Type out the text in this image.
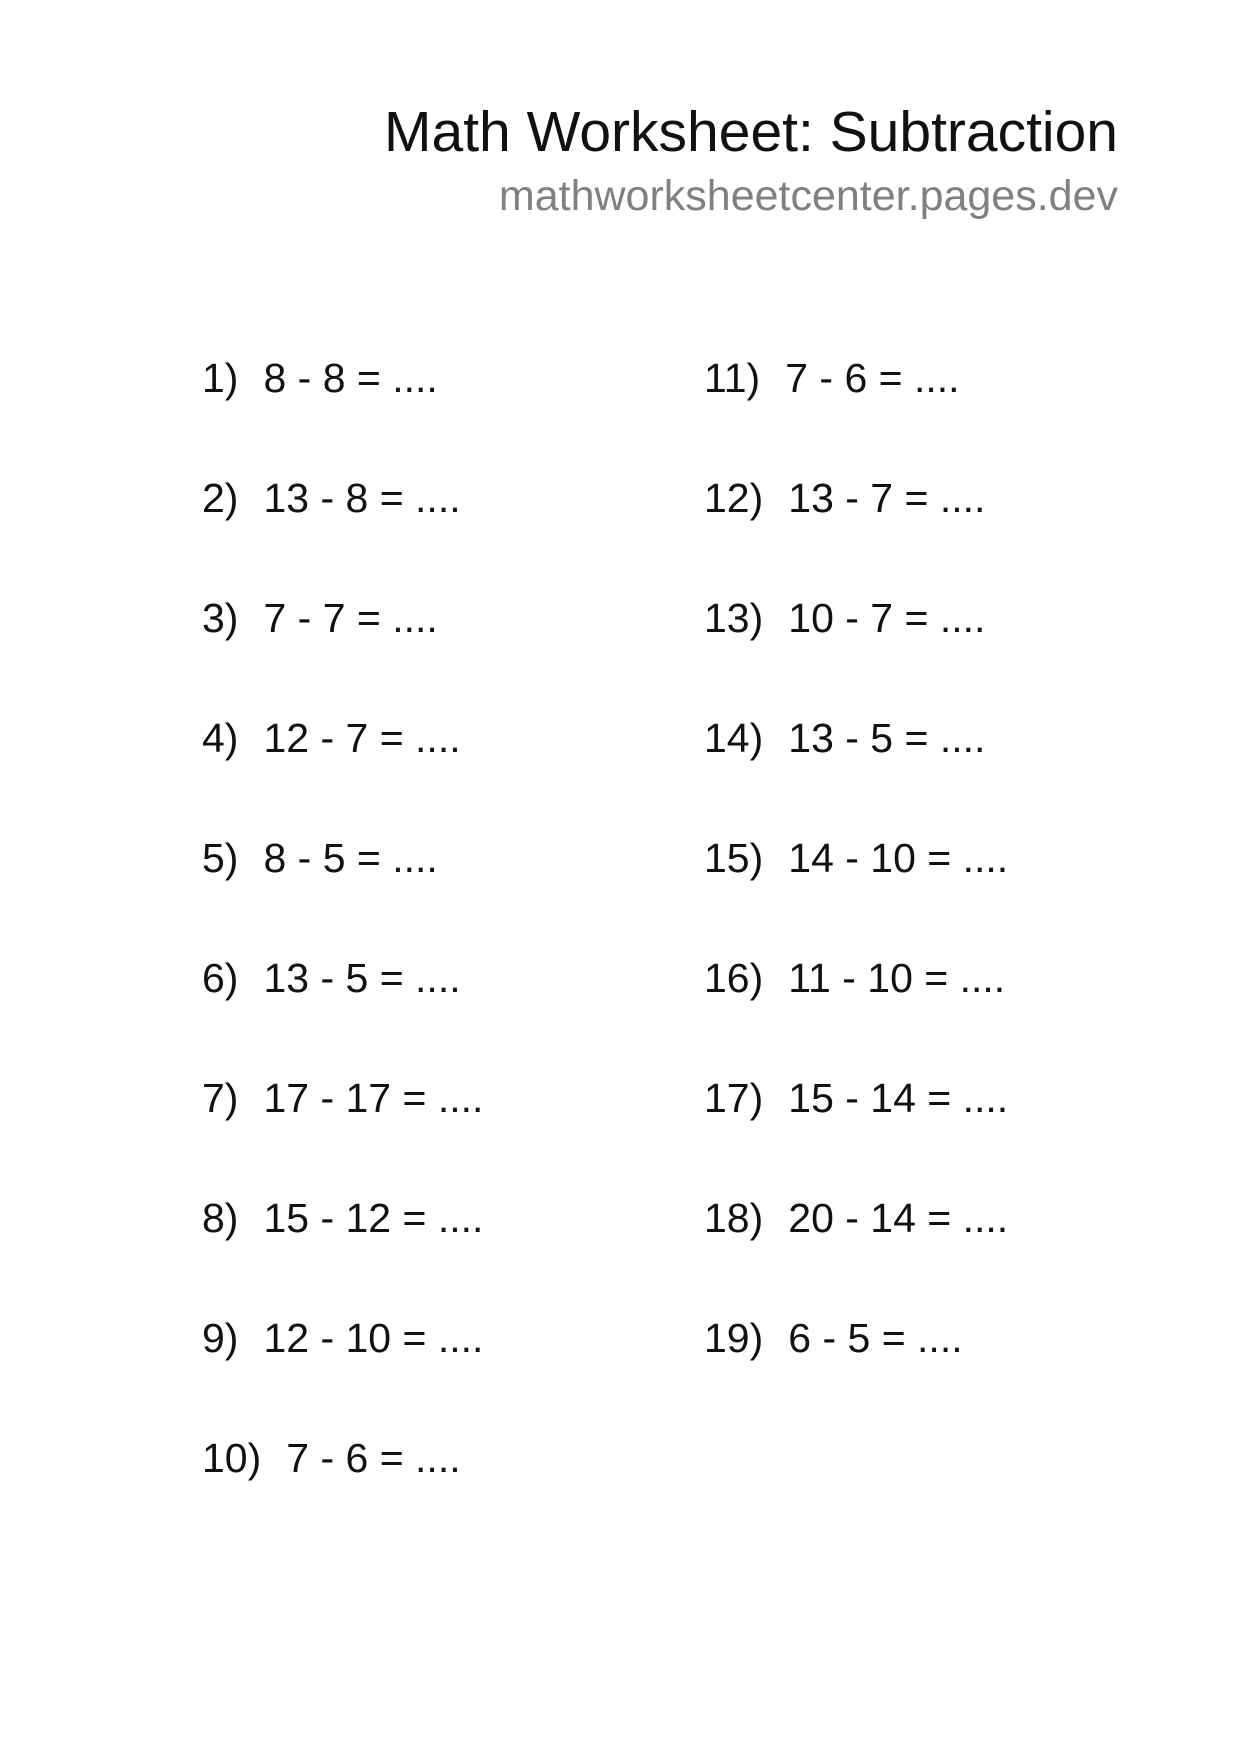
Math Worksheet: Subtraction
mathworksheetcenter.pages.dev
1) 8 - 8 = ....
2) 13 - 8 = ....
3) 7 - 7 = ....
4) 12 - 7 = ....
5) 8 - 5 = ....
6) 13 - 5 = ....
7) 17 - 17 = ....
8) 15 - 12 = ....
9) 12 - 10 = ....
10) 7 - 6 = ....
11) 7 - 6 = ....
12) 13 - 7 = ....
13) 10 - 7 = ....
14) 13 - 5 = ....
15) 14 - 10 = ....
16) 11 - 10 = ....
17) 15 - 14 = ....
18) 20 - 14 = ....
19) 6 - 5 = ....
